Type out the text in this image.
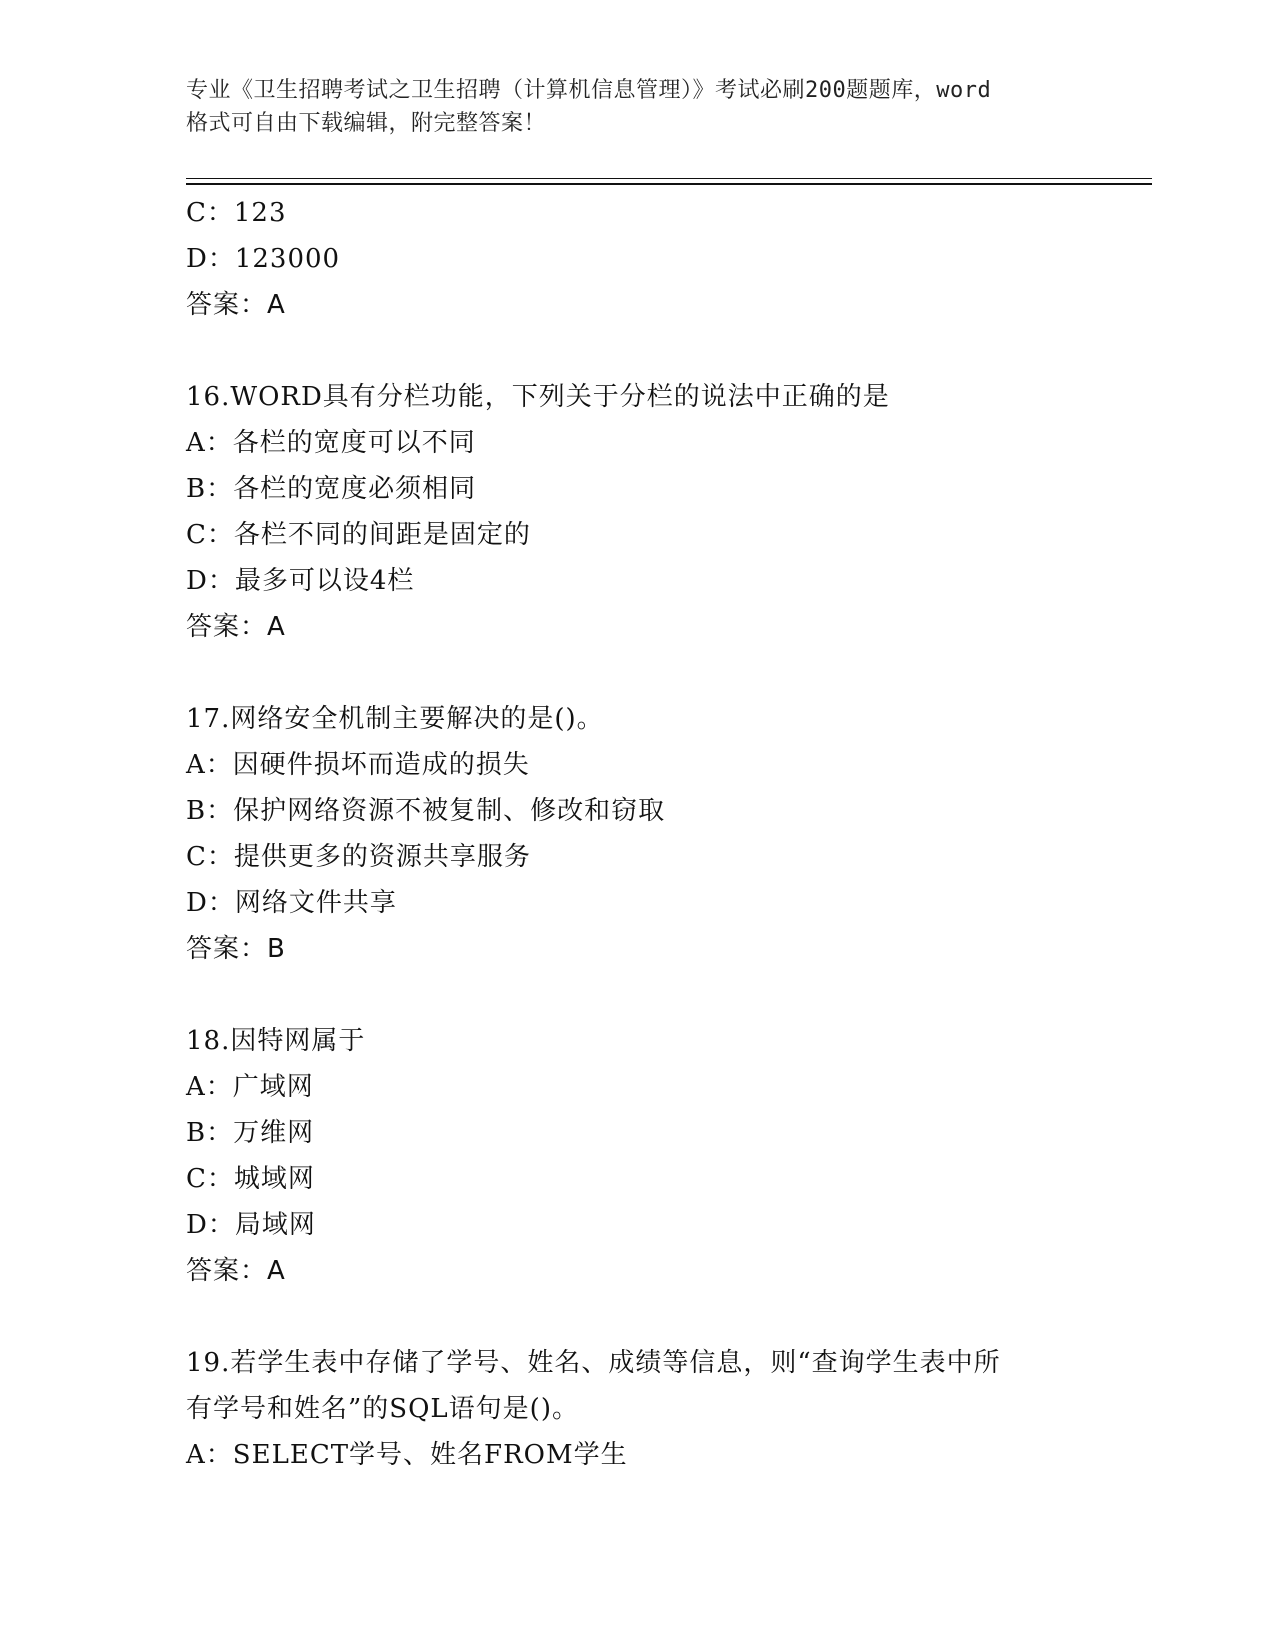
专业《卫生招聘考试之卫生招聘（计算机信息管理）》考试必刷200题题库，word
格式可自由下载编辑，附完整答案！
C：123
D：123000
答案：A
16.WORD具有分栏功能，下列关于分栏的说法中正确的是
A：各栏的宽度可以不同
B：各栏的宽度必须相同
C：各栏不同的间距是固定的
D：最多可以设4栏
答案：A
17.网络安全机制主要解决的是()。
A：因硬件损坏而造成的损失
B：保护网络资源不被复制、修改和窃取
C：提供更多的资源共享服务
D：网络文件共享
答案：B
18.因特网属于
A：广域网
B：万维网
C：城域网
D：局域网
答案：A
19.若学生表中存储了学号、姓名、成绩等信息，则“查询学生表中所
有学号和姓名”的SQL语句是()。
A：SELECT学号、姓名FROM学生
